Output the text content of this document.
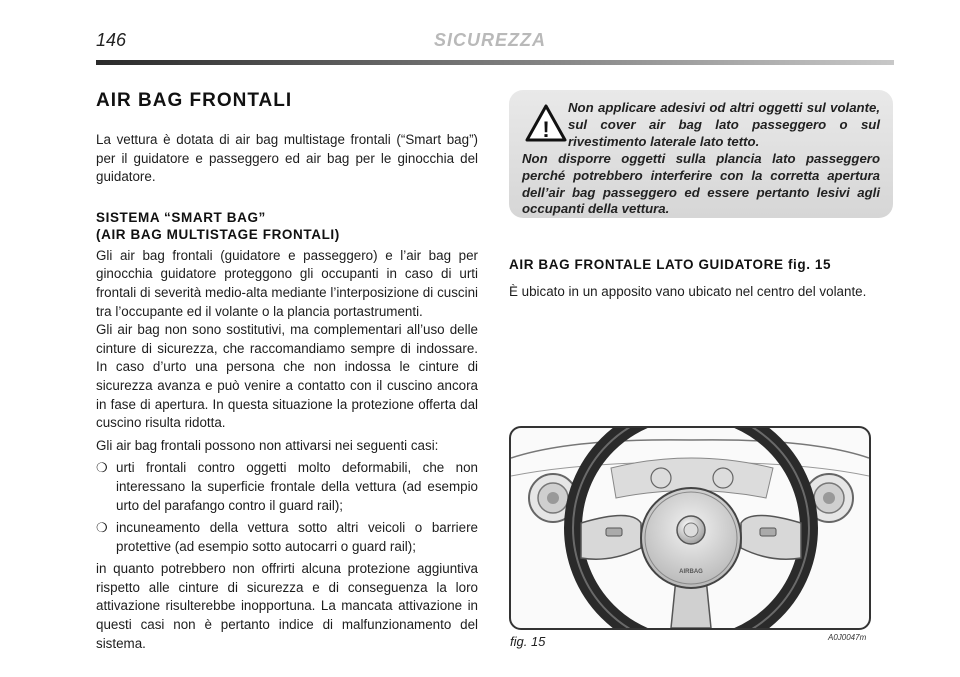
146	SICUREZZA
AIR BAG FRONTALI

La vettura è dotata di air bag multistage frontali (“Smart bag”) per il guidatore e passeggero ed air bag per le ginocchia del guidatore.

SISTEMA “SMART BAG”
(AIR BAG MULTISTAGE FRONTALI)

Gli air bag frontali (guidatore e passeggero) e l’air bag per ginocchia guidatore proteggono gli occupanti in caso di urti frontali di severità medio-alta mediante l’interposizione di cuscini tra l’occupante ed il volante o la plancia portastrumenti.

Gli air bag non sono sostitutivi, ma complementari all’uso delle cinture di sicurezza, che raccomandiamo sempre di indossare. In caso d’urto una persona che non indossa le cinture di sicurezza avanza e può venire a contatto con il cuscino ancora in fase di apertura. In questa situazione la protezione offerta dal cuscino risulta ridotta.

Gli air bag frontali possono non attivarsi nei seguenti casi:

❍ urti frontali contro oggetti molto deformabili, che non interessano la superficie frontale della vettura (ad esempio urto del parafango contro il guard rail);
❍ incuneamento della vettura sotto altri veicoli o barriere protettive (ad esempio sotto autocarri o guard rail);

in quanto potrebbero non offrirti alcuna protezione aggiuntiva rispetto alle cinture di sicurezza e di conseguenza la loro attivazione risulterebbe inopportuna. La mancata attivazione in questi casi non è pertanto indice di malfunzionamento del sistema.

!
Non applicare adesivi od altri oggetti sul volante, sul cover air bag lato passeggero o sul rivestimento laterale lato tetto.
Non disporre oggetti sulla plancia lato passeggero perché potrebbero interferire con la corretta apertura dell’air bag passeggero ed essere pertanto lesivi agli occupanti della vettura.
AIR BAG FRONTALE LATO GUIDATORE fig. 15

È ubicato in un apposito vano ubicato nel centro del volante.

AIRBAG
fig. 15	A0J0047m
